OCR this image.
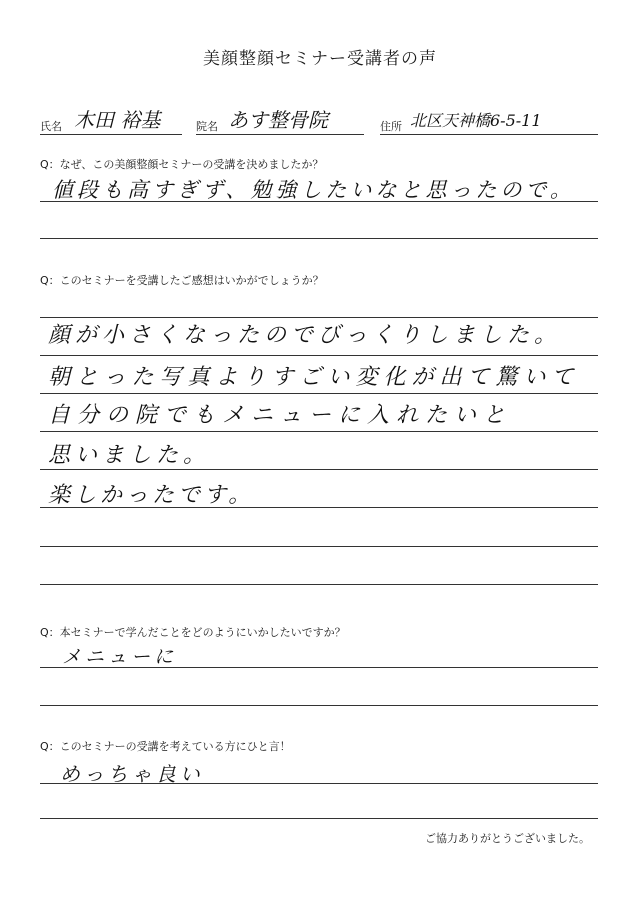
美顔整顔セミナー受講者の声
氏名 木田 裕基	院名 あす整骨院	住所 北区天神橋6-5-11
Q：なぜ、この美顔整顔セミナーの受講を決めましたか？
値段も高すぎず、勉強したいなと思ったので。
Q：このセミナーを受講したご感想はいかがでしょうか？
顔が小さくなったのでびっくりしました。
朝とった写真よりすごい変化が出て驚いて
自分の院でもメニューに入れたいと
思いました。
楽しかったです。
Q：本セミナーで学んだことをどのようにいかしたいですか？
メニューに
Q：このセミナーの受講を考えている方にひと言！
めっちゃ良い
ご協力ありがとうございました。
